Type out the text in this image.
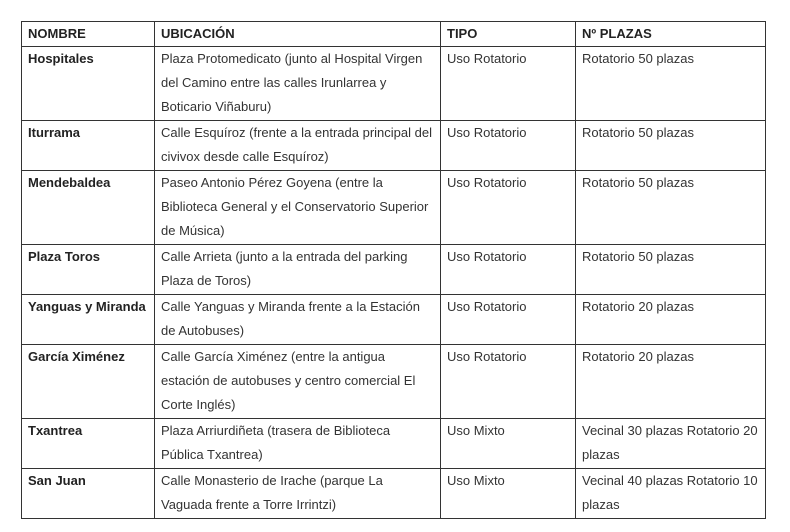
NOMBRE	UBICACIÓN	TIPO	Nº PLAZAS
Hospitales	Plaza Protomedicato (junto al Hospital Virgen del Camino entre las calles Irunlarrea y Boticario Viñaburu)	Uso Rotatorio	Rotatorio 50 plazas
Iturrama	Calle Esquíroz (frente a la entrada principal del civivox desde calle Esquíroz)	Uso Rotatorio	Rotatorio 50 plazas
Mendebaldea	Paseo Antonio Pérez Goyena (entre la Biblioteca General y el Conservatorio Superior de Música)	Uso Rotatorio	Rotatorio 50 plazas
Plaza Toros	Calle Arrieta (junto a la entrada del parking Plaza de Toros)	Uso Rotatorio	Rotatorio 50 plazas
Yanguas y Miranda	Calle Yanguas y Miranda frente a la Estación de Autobuses)	Uso Rotatorio	Rotatorio 20 plazas
García Ximénez	Calle García Ximénez (entre la antigua estación de autobuses y centro comercial El Corte Inglés)	Uso Rotatorio	Rotatorio 20 plazas
Txantrea	Plaza Arriurdiñeta (trasera de Biblioteca Pública Txantrea)	Uso Mixto	Vecinal 30 plazas Rotatorio 20 plazas
San Juan	Calle Monasterio de Irache (parque La Vaguada frente a Torre Irrintzi)	Uso Mixto	Vecinal 40 plazas Rotatorio 10 plazas
